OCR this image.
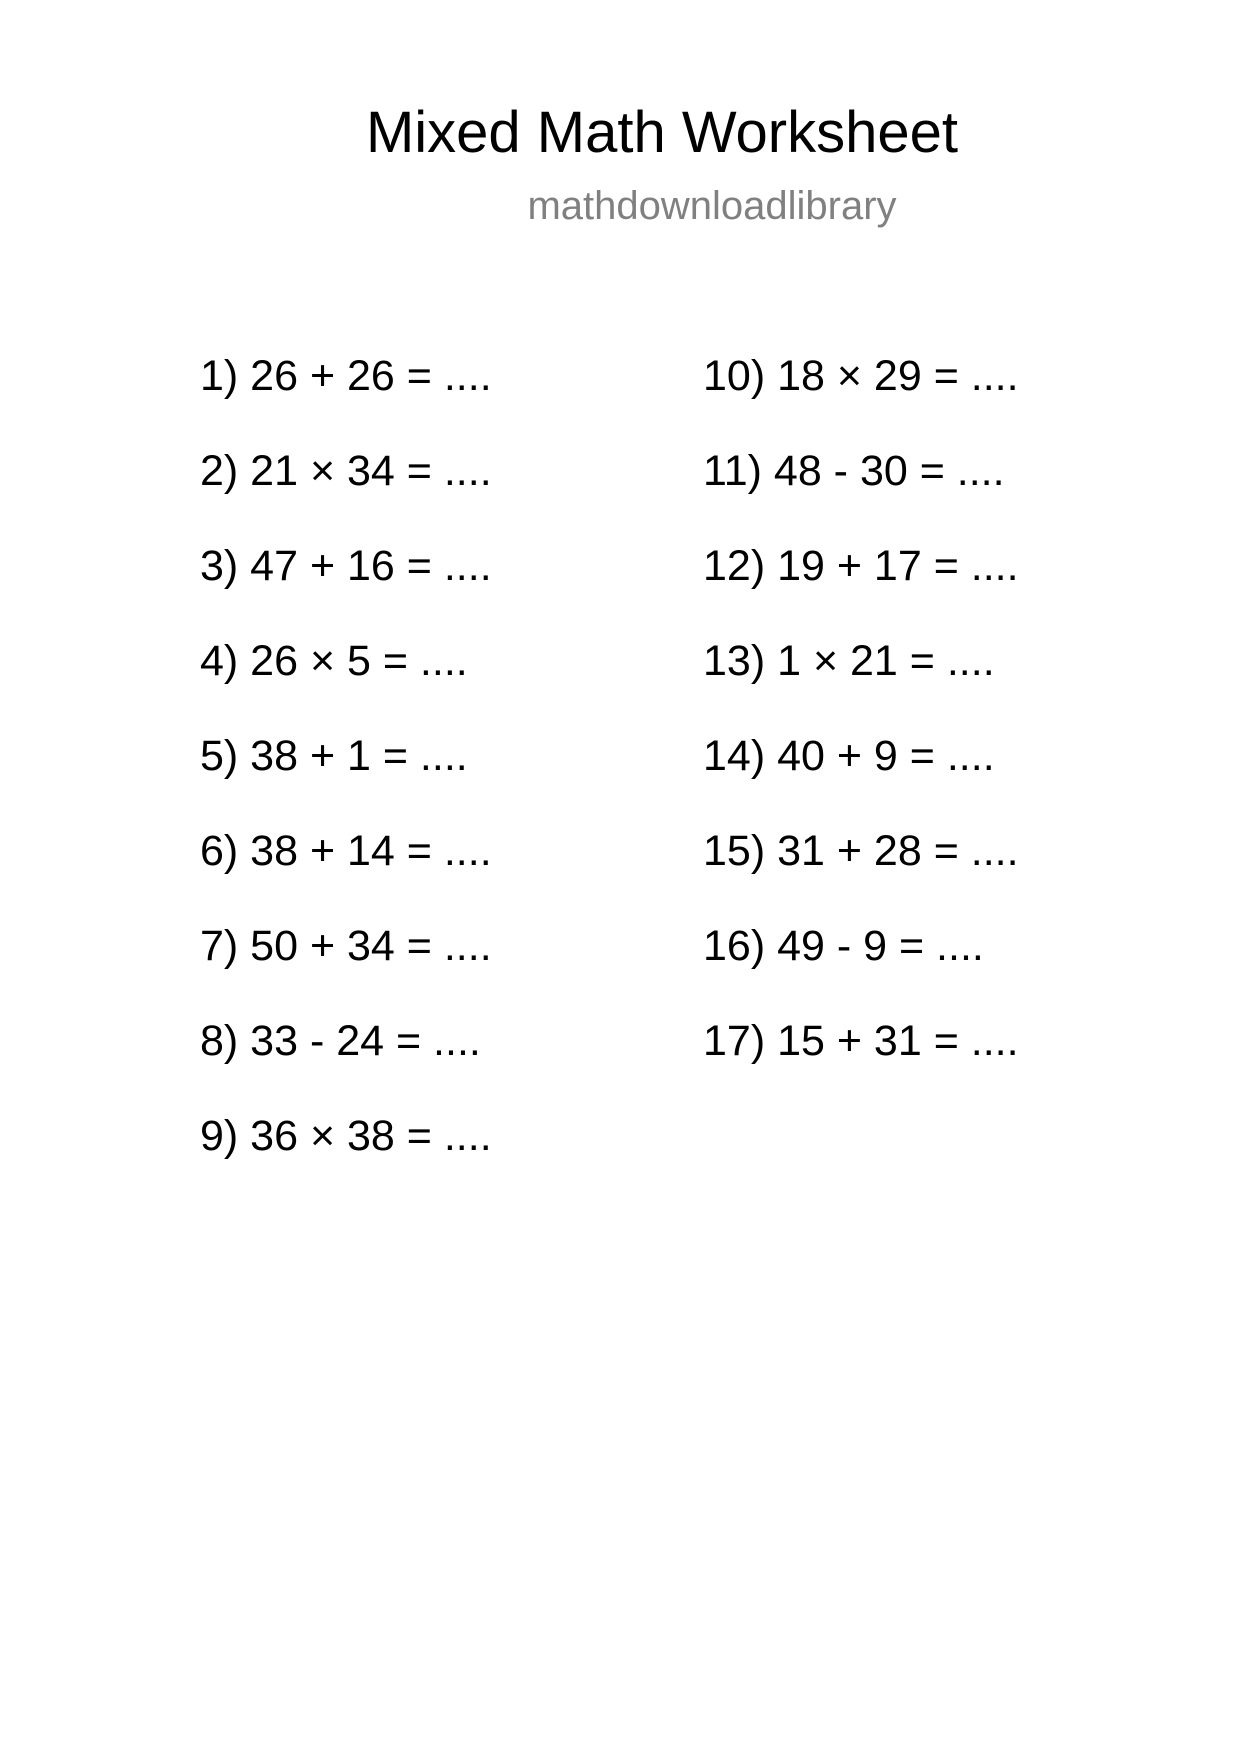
Mixed Math Worksheet
mathdownloadlibrary
1) 26 + 26 = ....
2) 21 × 34 = ....
3) 47 + 16 = ....
4) 26 × 5 = ....
5) 38 + 1 = ....
6) 38 + 14 = ....
7) 50 + 34 = ....
8) 33 - 24 = ....
9) 36 × 38 = ....
10) 18 × 29 = ....
11) 48 - 30 = ....
12) 19 + 17 = ....
13) 1 × 21 = ....
14) 40 + 9 = ....
15) 31 + 28 = ....
16) 49 - 9 = ....
17) 15 + 31 = ....
